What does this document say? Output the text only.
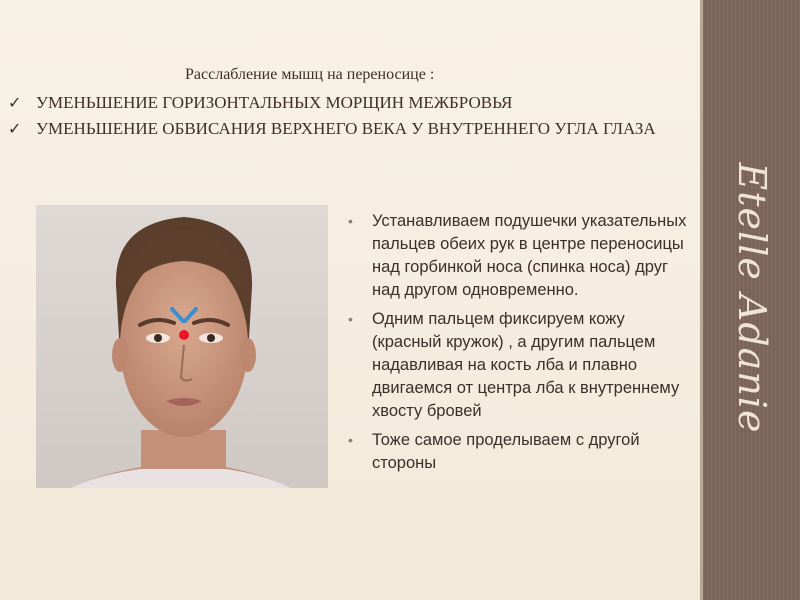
Etelle Adanie
Расслабление мышц на переносице :
✓ УМЕНЬШЕНИЕ ГОРИЗОНТАЛЬНЫХ МОРЩИН МЕЖБРОВЬЯ
✓ УМЕНЬШЕНИЕ ОБВИСАНИЯ ВЕРХНЕГО ВЕКА У ВНУТРЕННЕГО УГЛА ГЛАЗА
• Устанавливаем подушечки указательных пальцев обеих рук в центре переносицы над горбинкой носа (спинка носа) друг над другом одновременно.
• Одним пальцем фиксируем кожу (красный кружок) , а другим пальцем надавливая на кость лба и плавно двигаемся от центра лба к внутреннему хвосту бровей
• Тоже самое проделываем с другой стороны
